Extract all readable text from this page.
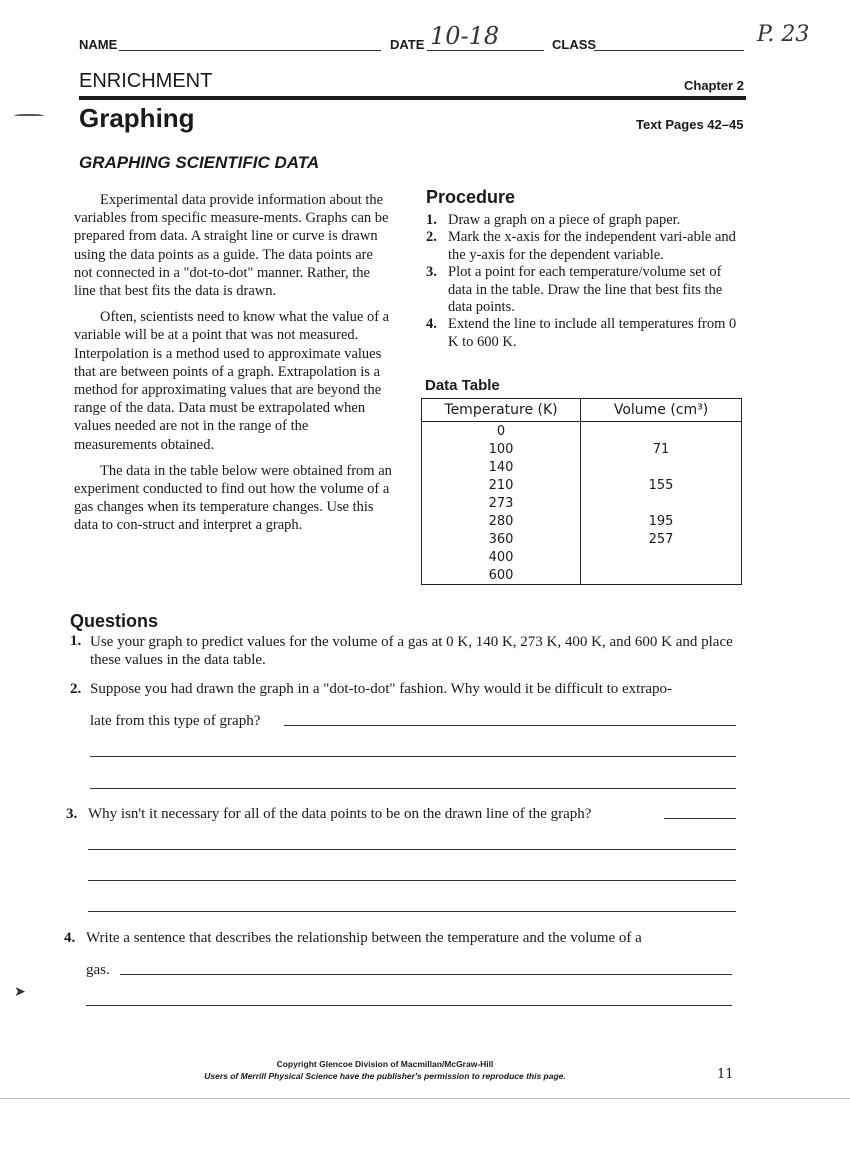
NAME	DATE 10-18	CLASS	P. 23
ENRICHMENT	Chapter 2
Graphing	Text Pages 42–45
GRAPHING SCIENTIFIC DATA

Experimental data provide information about the variables from specific measure-ments. Graphs can be prepared from data. A straight line or curve is drawn using the data points as a guide. The data points are not connected in a "dot-to-dot" manner. Rather, the line that best fits the data is drawn.

Often, scientists need to know what the value of a variable will be at a point that was not measured. Interpolation is a method used to approximate values that are between points of a graph. Extrapolation is a method for approximating values that are beyond the range of the data. Data must be extrapolated when values needed are not in the range of the measurements obtained.

The data in the table below were obtained from an experiment conducted to find out how the volume of a gas changes when its temperature changes. Use this data to con-struct and interpret a graph.

Procedure
1. Draw a graph on a piece of graph paper.
2. Mark the x-axis for the independent vari-able and the y-axis for the dependent variable.
3. Plot a point for each temperature/volume set of data in the table. Draw the line that best fits the data points.
4. Extend the line to include all temperatures from 0 K to 600 K.
Data Table
Temperature (K)	Volume (cm³)
0	
100	71
140	
210	155
273	
280	195
360	257
400	
600	
Questions
1. Use your graph to predict values for the volume of a gas at 0 K, 140 K, 273 K, 400 K, and 600 K and place these values in the data table.
2. Suppose you had drawn the graph in a "dot-to-dot" fashion. Why would it be difficult to extrapo-
late from this type of graph?
3. Why isn't it necessary for all of the data points to be on the drawn line of the graph?
4. Write a sentence that describes the relationship between the temperature and the volume of a
gas.
Copyright Glencoe Division of Macmillan/McGraw-Hill
Users of Merrill Physical Science have the publisher's permission to reproduce this page.	11
➤
